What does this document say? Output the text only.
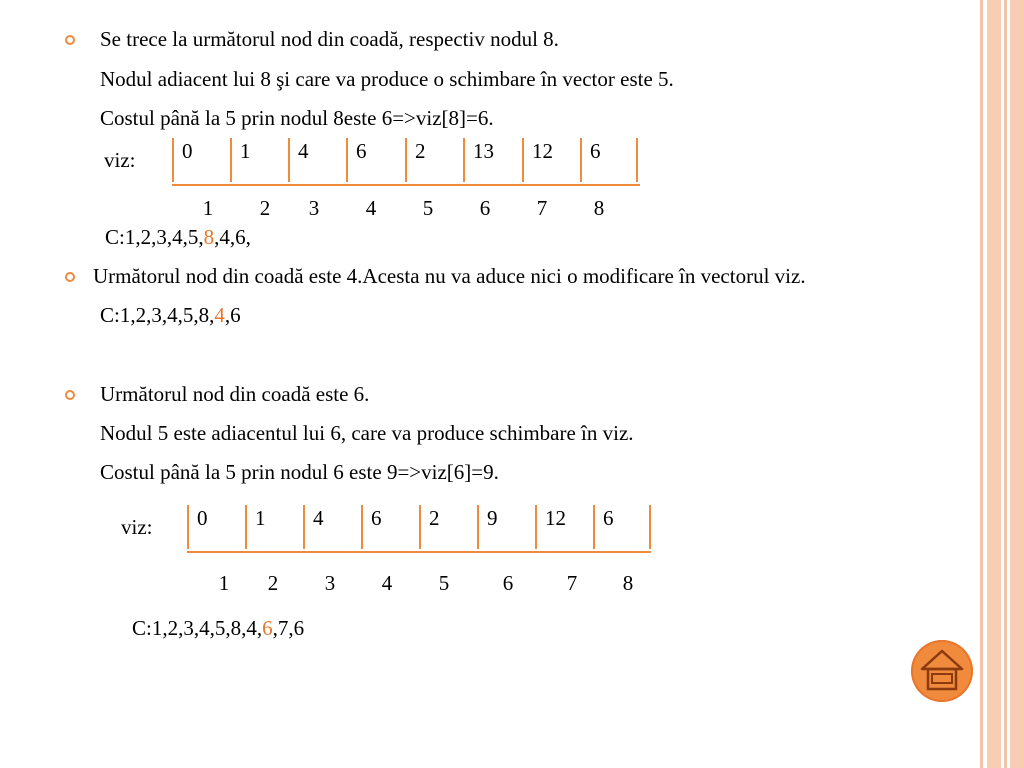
Se trece la următorul nod din coadă, respectiv nodul 8.
Nodul adiacent lui 8 şi care va produce o schimbare în vector este 5.
Costul până la 5 prin nodul 8este 6=>viz[8]=6.
viz:	0	1	4	6	2	13	12	6
1 2 3 4 5 6 7 8
C:1,2,3,4,5,8,4,6,
Următorul nod din coadă este 4.Acesta nu va aduce nici o modificare în vectorul viz.
C:1,2,3,4,5,8,4,6
Următorul nod din coadă este 6.
Nodul 5 este adiacentul lui 6, care va produce schimbare în viz.
Costul până la 5 prin nodul 6 este 9=>viz[6]=9.
viz:	0	1	4	6	2	9	12	6
1 2 3 4 5	6	7 8
C:1,2,3,4,5,8,4,6,7,6
